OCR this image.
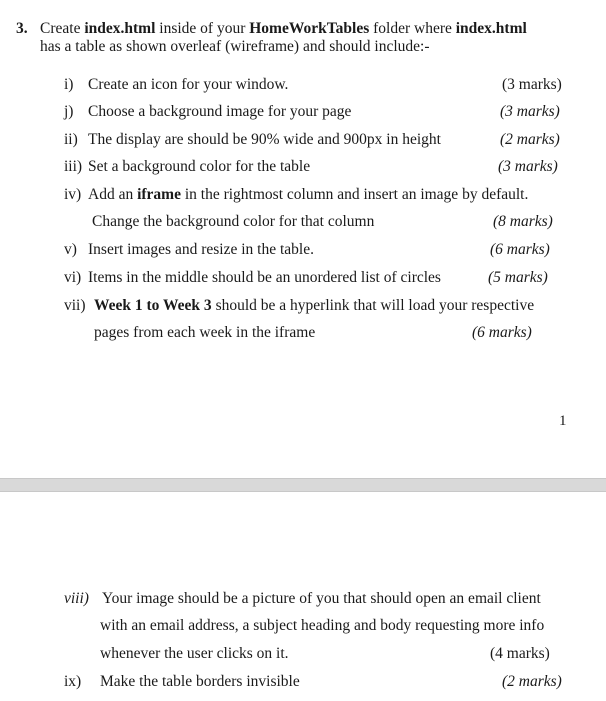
3. Create index.html inside of your HomeWorkTables folder where index.html
has a table as shown overleaf (wireframe) and should include:-
i) Create an icon for your window.	(3 marks)
j) Choose a background image for your page	(3 marks)
ii) The display are should be 90% wide and 900px in height	(2 marks)
iii) Set a background color for the table	(3 marks)
iv) Add an iframe in the rightmost column and insert an image by default.
Change the background color for that column	(8 marks)
v) Insert images and resize in the table.	(6 marks)
vi) Items in the middle should be an unordered list of circles	(5 marks)
vii) Week 1 to Week 3 should be a hyperlink that will load your respective
pages from each week in the iframe	(6 marks)
1
viii) Your image should be a picture of you that should open an email client
with an email address, a subject heading and body requesting more info
whenever the user clicks on it.	(4 marks)
ix) Make the table borders invisible	(2 marks)
